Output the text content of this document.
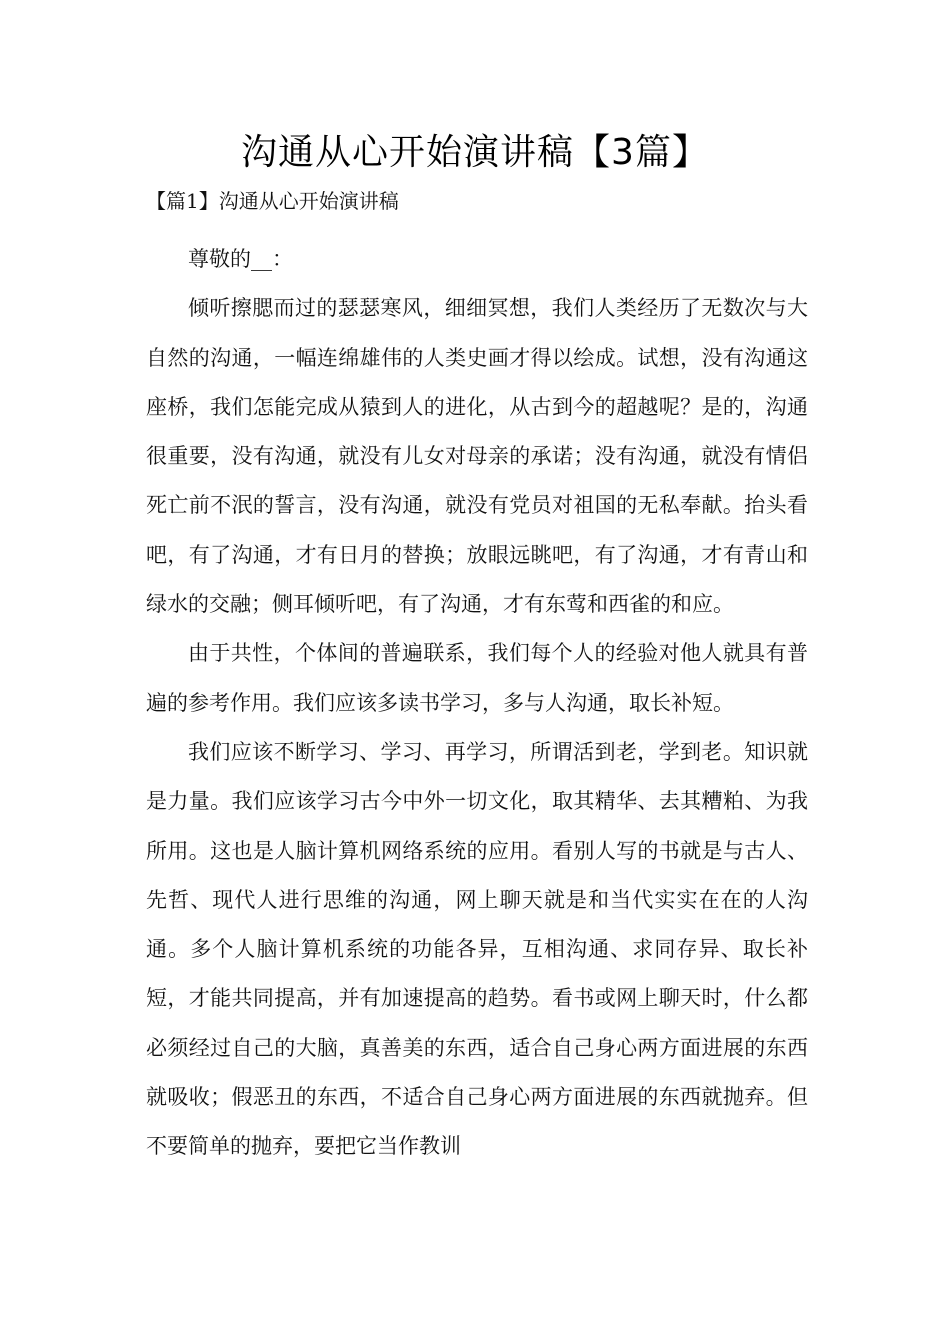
沟通从心开始演讲稿【3篇】
【篇1】沟通从心开始演讲稿

尊敬的__：

倾听擦腮而过的瑟瑟寒风，细细冥想，我们人类经历了无数次与大自然的沟通，一幅连绵雄伟的人类史画才得以绘成。试想，没有沟通这座桥，我们怎能完成从猿到人的进化，从古到今的超越呢？是的，沟通很重要，没有沟通，就没有儿女对母亲的承诺；没有沟通，就没有情侣死亡前不泯的誓言，没有沟通，就没有党员对祖国的无私奉献。抬头看吧，有了沟通，才有日月的替换；放眼远眺吧，有了沟通，才有青山和绿水的交融；侧耳倾听吧，有了沟通，才有东莺和西雀的和应。

由于共性，个体间的普遍联系，我们每个人的经验对他人就具有普遍的参考作用。我们应该多读书学习，多与人沟通，取长补短。

我们应该不断学习、学习、再学习，所谓活到老，学到老。知识就是力量。我们应该学习古今中外一切文化，取其精华、去其糟粕、为我所用。这也是人脑计算机网络系统的应用。看别人写的书就是与古人、先哲、现代人进行思维的沟通，网上聊天就是和当代实实在在的人沟通。多个人脑计算机系统的功能各异，互相沟通、求同存异、取长补短，才能共同提高，并有加速提高的趋势。看书或网上聊天时，什么都必须经过自己的大脑，真善美的东西，适合自己身心两方面进展的东西就吸收；假恶丑的东西，不适合自己身心两方面进展的东西就抛弃。但不要简单的抛弃，要把它当作教训
